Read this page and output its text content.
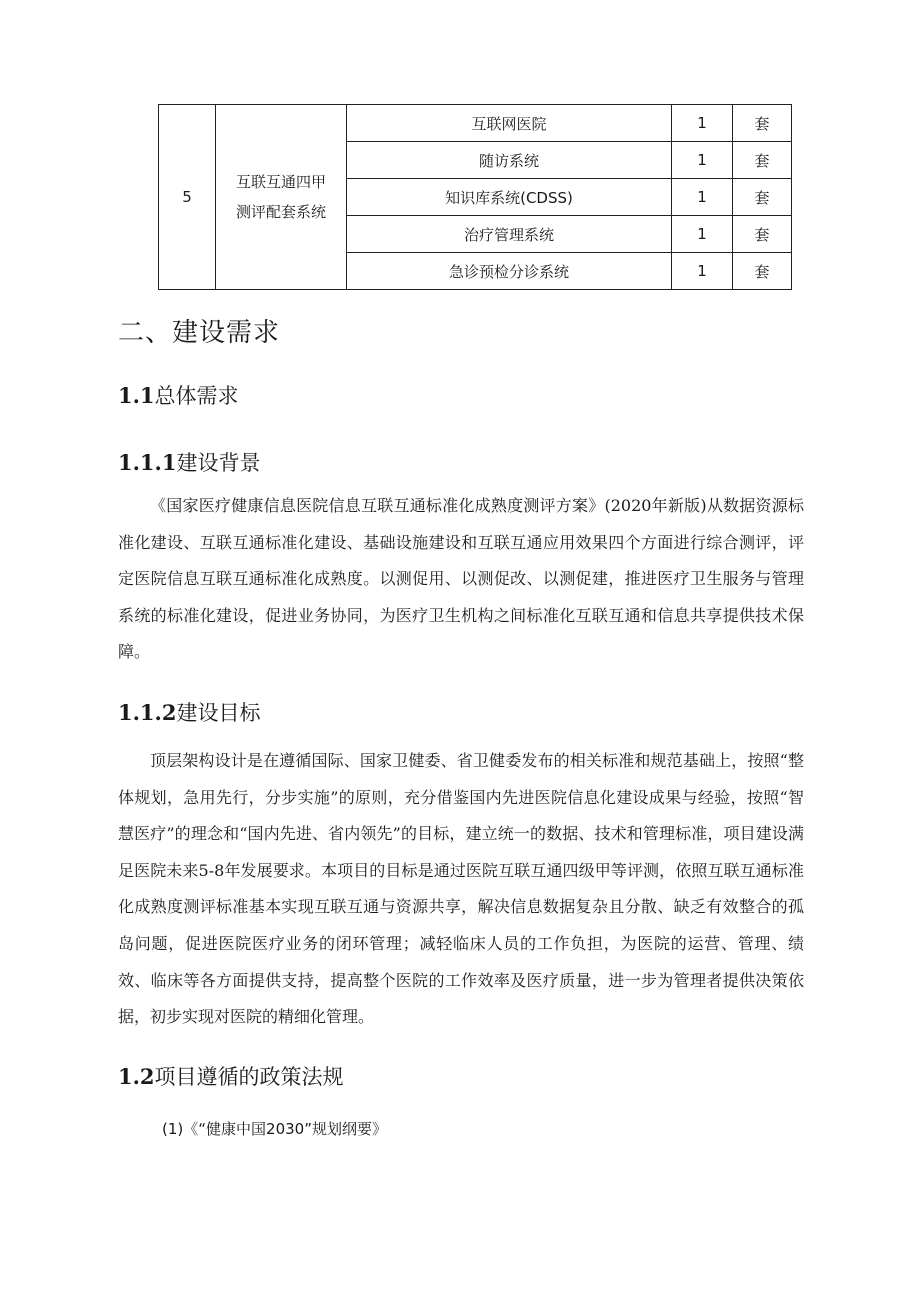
5	互联互通四甲
测评配套系统	互联网医院	1	套
		随访系统	1	套
		知识库系统(CDSS)	1	套
		治疗管理系统	1	套
		急诊预检分诊系统	1	套
二、建设需求
1.1总体需求
1.1.1建设背景

《国家医疗健康信息医院信息互联互通标准化成熟度测评方案》(2020年新版)从数据资源标准化建设、互联互通标准化建设、基础设施建设和互联互通应用效果四个方面进行综合测评，评定医院信息互联互通标准化成熟度。以测促用、以测促改、以测促建，推进医疗卫生服务与管理系统的标准化建设，促进业务协同，为医疗卫生机构之间标准化互联互通和信息共享提供技术保障。

1.1.2建设目标

顶层架构设计是在遵循国际、国家卫健委、省卫健委发布的相关标准和规范基础上，按照“整体规划，急用先行，分步实施”的原则，充分借鉴国内先进医院信息化建设成果与经验，按照“智慧医疗”的理念和“国内先进、省内领先”的目标，建立统一的数据、技术和管理标准，项目建设满足医院未来5-8年发展要求。本项目的目标是通过医院互联互通四级甲等评测，依照互联互通标准化成熟度测评标准基本实现互联互通与资源共享，解决信息数据复杂且分散、缺乏有效整合的孤岛问题，促进医院医疗业务的闭环管理；减轻临床人员的工作负担，为医院的运营、管理、绩效、临床等各方面提供支持，提高整个医院的工作效率及医疗质量，进一步为管理者提供决策依据，初步实现对医院的精细化管理。

1.2项目遵循的政策法规

(1)《“健康中国2030”规划纲要》
